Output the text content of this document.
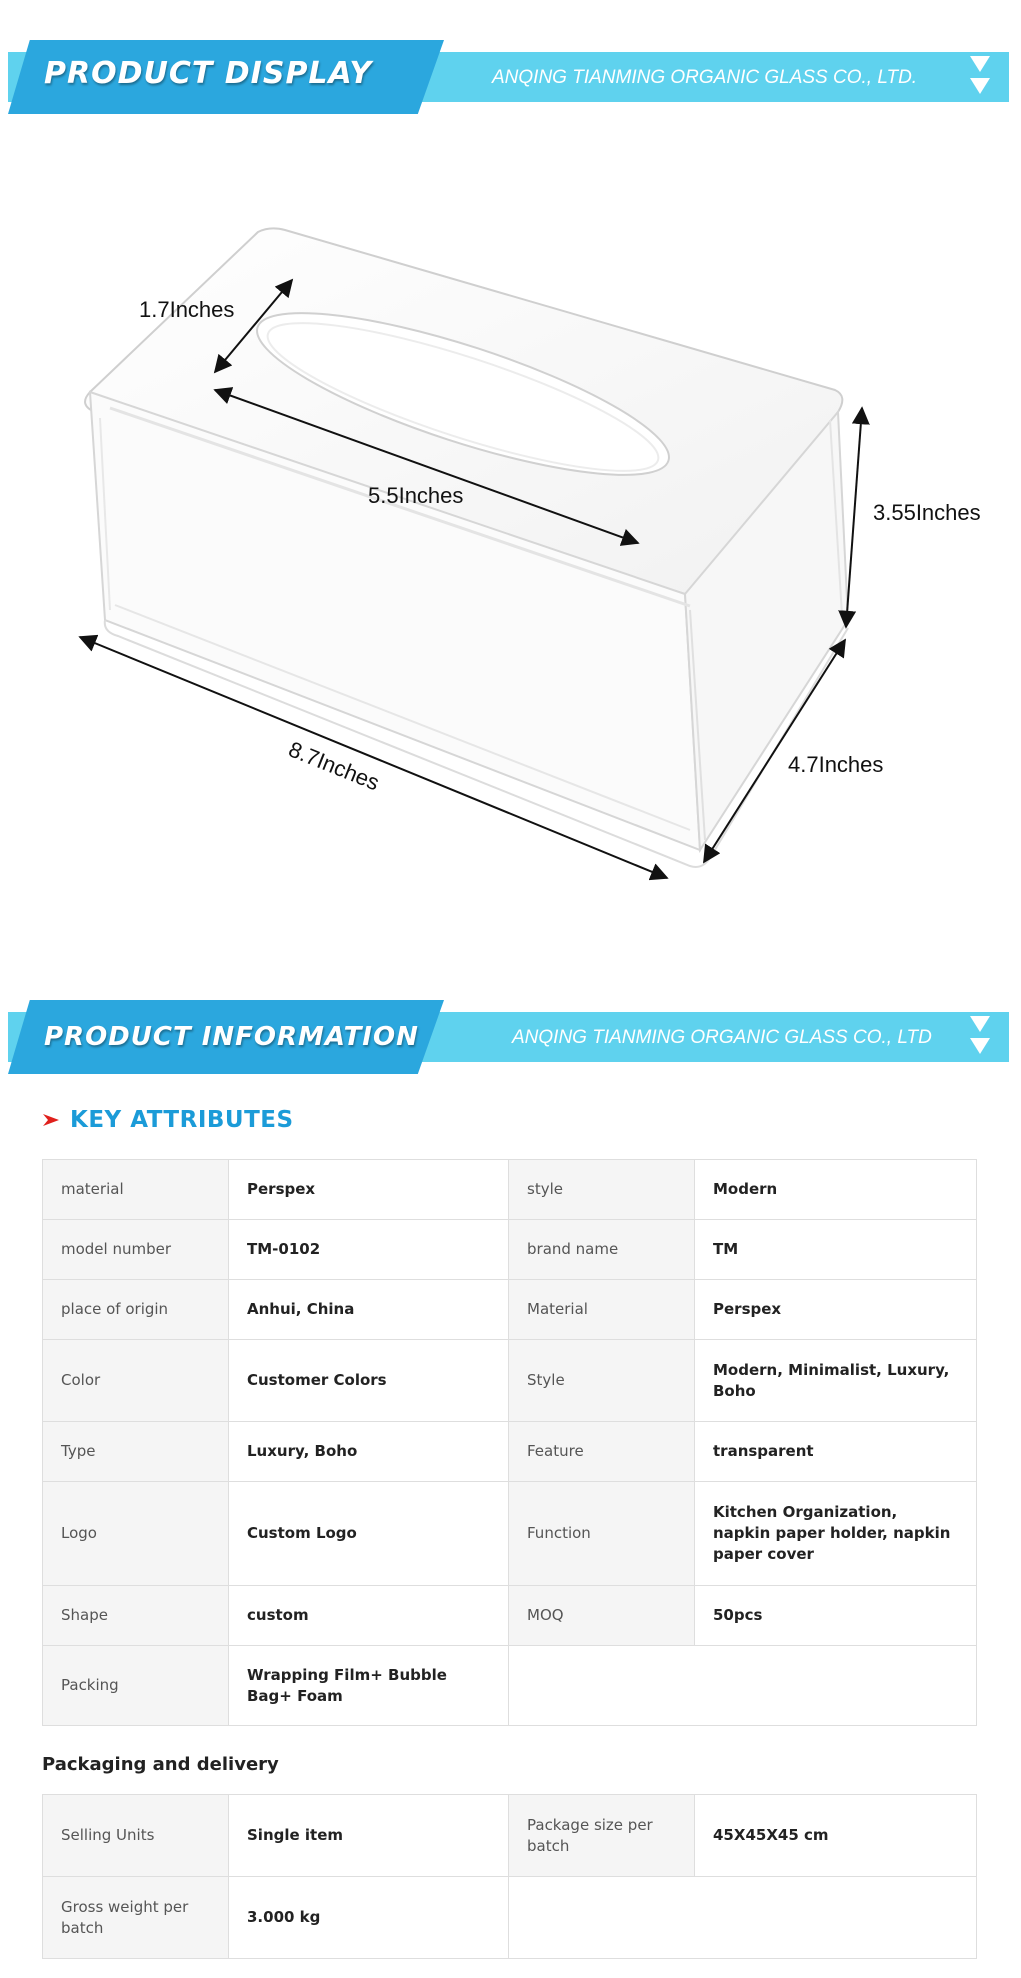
PRODUCT DISPLAY	ANQING TIANMING ORGANIC GLASS CO., LTD.
1.7Inches
5.5Inches
3.55Inches
8.7Inches	4.7Inches
PRODUCT INFORMATION	ANQING TIANMING ORGANIC GLASS CO., LTD
KEY ATTRIBUTES
material	Perspex	style	Modern
model number	TM-0102	brand name	TM
place of origin	Anhui, China	Material	Perspex
Color	Customer Colors	Style	Modern, Minimalist, Luxury, Boho
Type	Luxury, Boho	Feature	transparent
Logo	Custom Logo	Function	Kitchen Organization, napkin paper holder, napkin paper cover
Shape	custom	MOQ	50pcs
Packing	Wrapping Film+ Bubble Bag+ Foam		
Packaging and delivery
Selling Units	Single item	Package size per batch	45X45X45 cm
Gross weight per batch	3.000 kg		
